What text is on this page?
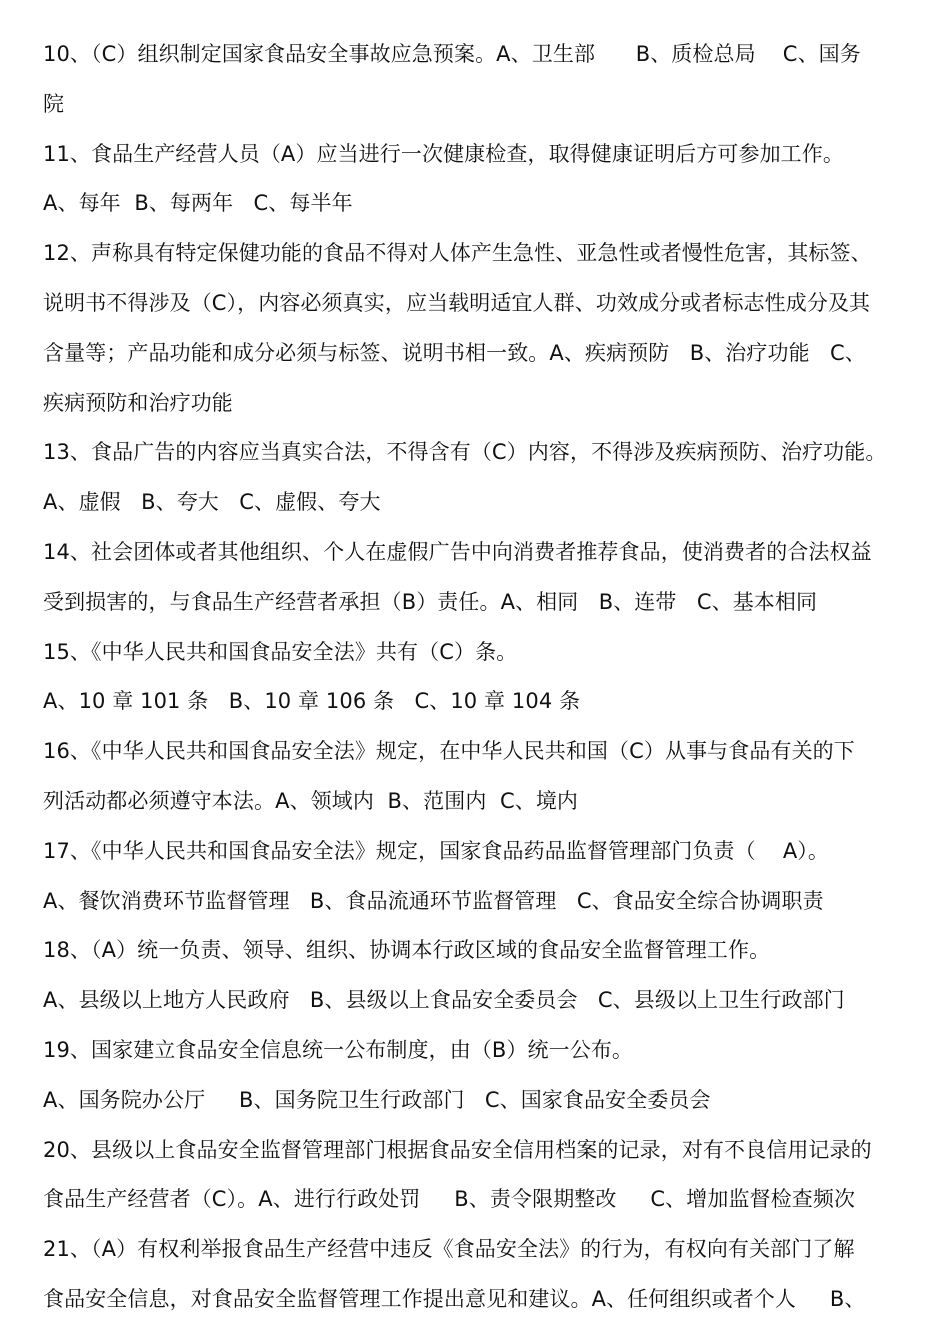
10、（C）组织制定国家食品安全事故应急预案。A、卫生部      B、质检总局    C、国务
院
11、食品生产经营人员（A）应当进行一次健康检查，取得健康证明后方可参加工作。
A、每年  B、每两年   C、每半年
12、声称具有特定保健功能的食品不得对人体产生急性、亚急性或者慢性危害，其标签、
说明书不得涉及（C），内容必须真实，应当载明适宜人群、功效成分或者标志性成分及其
含量等；产品功能和成分必须与标签、说明书相一致。A、疾病预防   B、治疗功能   C、
疾病预防和治疗功能
13、食品广告的内容应当真实合法，不得含有（C）内容，不得涉及疾病预防、治疗功能。
A、虚假   B、夸大   C、虚假、夸大
14、社会团体或者其他组织、个人在虚假广告中向消费者推荐食品，使消费者的合法权益
受到损害的，与食品生产经营者承担（B）责任。A、相同   B、连带   C、基本相同
15、《中华人民共和国食品安全法》共有（C）条。
A、10 章 101 条   B、10 章 106 条   C、10 章 104 条
16、《中华人民共和国食品安全法》规定，在中华人民共和国（C）从事与食品有关的下
列活动都必须遵守本法。A、领域内  B、范围内  C、境内
17、《中华人民共和国食品安全法》规定，国家食品药品监督管理部门负责（    A）。
A、餐饮消费环节监督管理   B、食品流通环节监督管理   C、食品安全综合协调职责
18、（A）统一负责、领导、组织、协调本行政区域的食品安全监督管理工作。
A、县级以上地方人民政府   B、县级以上食品安全委员会   C、县级以上卫生行政部门
19、国家建立食品安全信息统一公布制度，由（B）统一公布。
A、国务院办公厅     B、国务院卫生行政部门   C、国家食品安全委员会
20、县级以上食品安全监督管理部门根据食品安全信用档案的记录，对有不良信用记录的
食品生产经营者（C）。A、进行行政处罚     B、责令限期整改     C、增加监督检查频次
21、（A）有权利举报食品生产经营中违反《食品安全法》的行为，有权向有关部门了解
食品安全信息，对食品安全监督管理工作提出意见和建议。A、任何组织或者个人     B、
